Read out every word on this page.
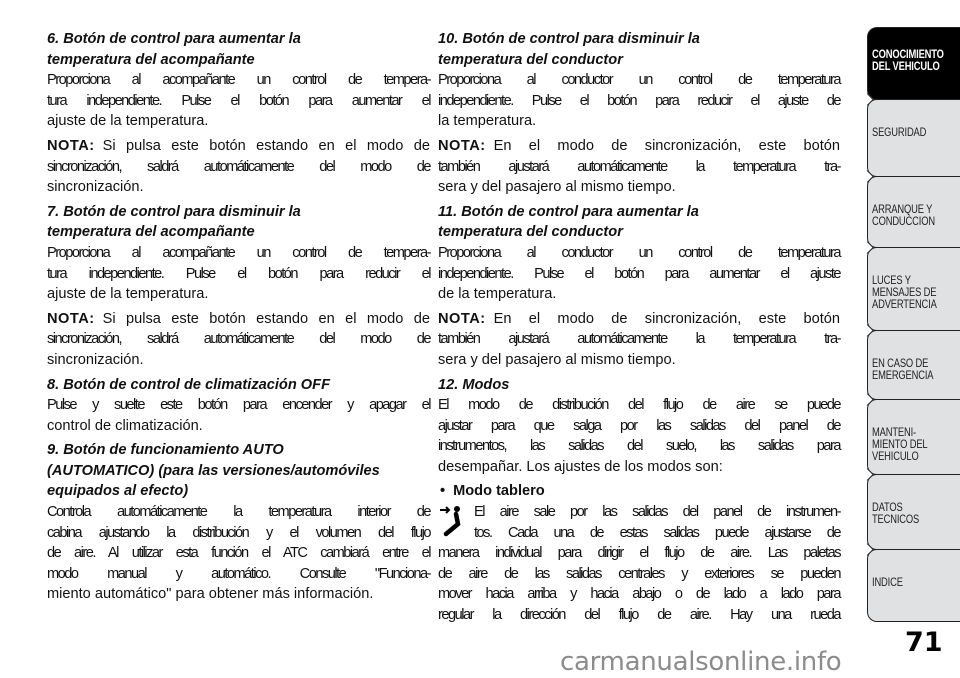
6. Botón de control para aumentar la
temperatura del acompañante
Proporciona al acompañante un control de tempera-
tura independiente. Pulse el botón para aumentar el
ajuste de la temperatura.
NOTA: Si pulsa este botón estando en el modo de
sincronización, saldrá automáticamente del modo de
sincronización.
7. Botón de control para disminuir la
temperatura del acompañante
Proporciona al acompañante un control de tempera-
tura independiente. Pulse el botón para reducir el
ajuste de la temperatura.
NOTA: Si pulsa este botón estando en el modo de
sincronización, saldrá automáticamente del modo de
sincronización.
8. Botón de control de climatización OFF
Pulse y suelte este botón para encender y apagar el
control de climatización.
9. Botón de funcionamiento AUTO
(AUTOMATICO) (para las versiones/automóviles
equipados al efecto)
Controla automáticamente la temperatura interior de
cabina ajustando la distribución y el volumen del flujo
de aire. Al utilizar esta función el ATC cambiará entre el
modo manual y automático. Consulte "Funciona-
miento automático" para obtener más información.
10. Botón de control para disminuir la
temperatura del conductor
Proporciona al conductor un control de temperatura
independiente. Pulse el botón para reducir el ajuste de
la temperatura.
NOTA: En el modo de sincronización, este botón
también ajustará automáticamente la temperatura tra-
sera y del pasajero al mismo tiempo.
11. Botón de control para aumentar la
temperatura del conductor
Proporciona al conductor un control de temperatura
independiente. Pulse el botón para aumentar el ajuste
de la temperatura.
NOTA: En el modo de sincronización, este botón
también ajustará automáticamente la temperatura tra-
sera y del pasajero al mismo tiempo.
12. Modos
El modo de distribución del flujo de aire se puede
ajustar para que salga por las salidas del panel de
instrumentos, las salidas del suelo, las salidas para
desempañar. Los ajustes de los modos son:
• Modo tablero
El aire sale por las salidas del panel de instrumen-
tos. Cada una de estas salidas puede ajustarse de
manera individual para dirigir el flujo de aire. Las paletas
de aire de las salidas centrales y exteriores se pueden
mover hacia arriba y hacia abajo o de lado a lado para
regular la dirección del flujo de aire. Hay una rueda
CONOCIMIENTO
DEL VEHICULO
SEGURIDAD
ARRANQUE Y
CONDUCCION
LUCES Y
MENSAJES DE
ADVERTENCIA
EN CASO DE
EMERGENCIA
MANTENI-
MIENTO DEL
VEHICULO
DATOS
TECNICOS
INDICE
71
carmanualsonline.info
